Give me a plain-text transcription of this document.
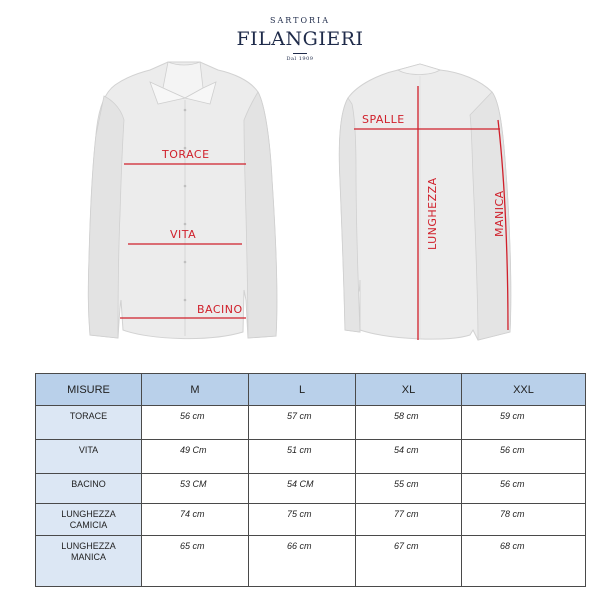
SARTORIA
FILANGIERI
Dal 1909
TORACE
VITA
BACINO
SPALLE
LUNGHEZZA	MANICA
MISURE	M	L	XL	XXL
TORACE	56 cm	57 cm	58 cm	59 cm

VITA	49 Cm	51 cm	54 cm	56 cm

BACINO	53 CM	54 CM	55 cm	56 cm

LUNGHEZZA
CAMICIA	74 cm	75 cm	77 cm	78 cm

LUNGHEZZA
MANICA	65 cm	66 cm	67 cm	68 cm
